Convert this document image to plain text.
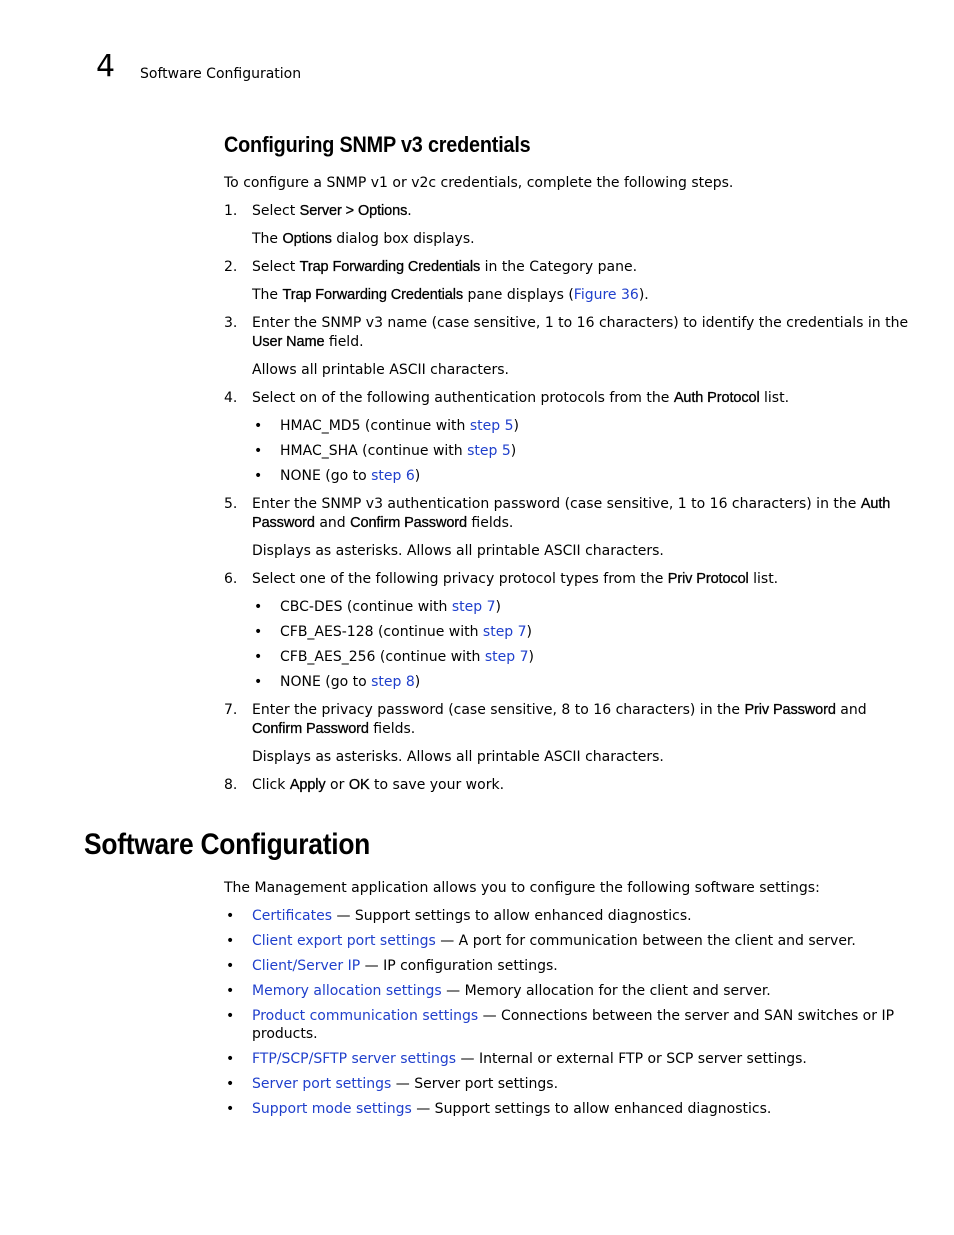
4 Software Configuration
Configuring SNMP v3 credentials
To configure a SNMP v1 or v2c credentials, complete the following steps.
1. Select Server > Options.
The Options dialog box displays.
2. Select Trap Forwarding Credentials in the Category pane.
The Trap Forwarding Credentials pane displays (Figure 36).
3. Enter the SNMP v3 name (case sensitive, 1 to 16 characters) to identify the credentials in the
User Name field.
Allows all printable ASCII characters.
4. Select on of the following authentication protocols from the Auth Protocol list.
• HMAC_MD5 (continue with step 5)
• HMAC_SHA (continue with step 5)
• NONE (go to step 6)
5. Enter the SNMP v3 authentication password (case sensitive, 1 to 16 characters) in the Auth
Password and Confirm Password fields.
Displays as asterisks. Allows all printable ASCII characters.
6. Select one of the following privacy protocol types from the Priv Protocol list.
• CBC-DES (continue with step 7)
• CFB_AES-128 (continue with step 7)
• CFB_AES_256 (continue with step 7)
• NONE (go to step 8)
7. Enter the privacy password (case sensitive, 8 to 16 characters) in the Priv Password and
Confirm Password fields.
Displays as asterisks. Allows all printable ASCII characters.
8. Click Apply or OK to save your work.
Software Configuration
The Management application allows you to configure the following software settings:
• Certificates — Support settings to allow enhanced diagnostics.
• Client export port settings — A port for communication between the client and server.
• Client/Server IP — IP configuration settings.
• Memory allocation settings — Memory allocation for the client and server.
• Product communication settings — Connections between the server and SAN switches or IP
products.
• FTP/SCP/SFTP server settings — Internal or external FTP or SCP server settings.
• Server port settings — Server port settings.
• Support mode settings — Support settings to allow enhanced diagnostics.
